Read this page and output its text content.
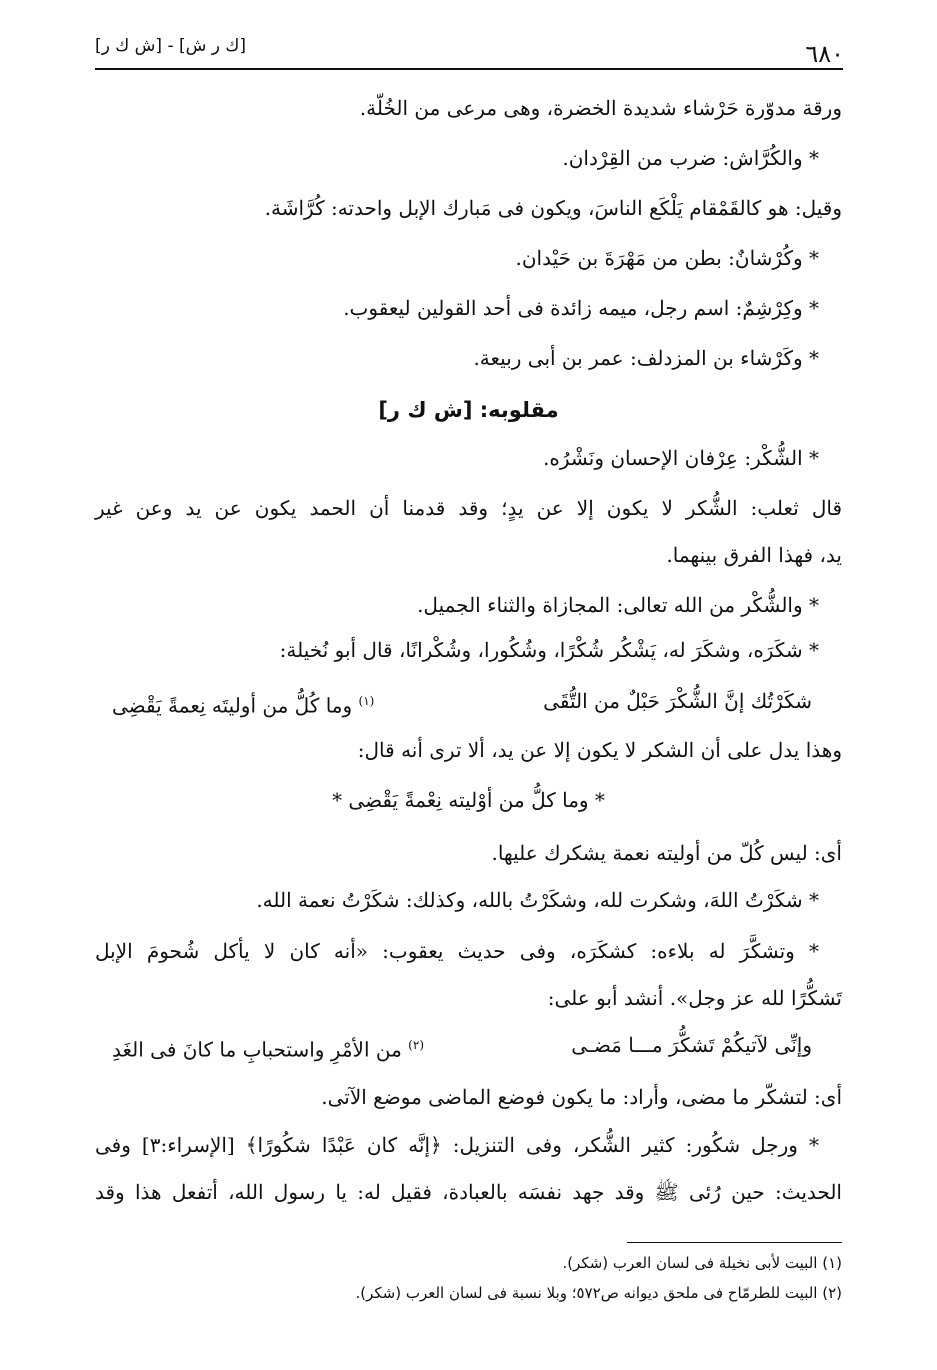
[ك ر ش] - [ش ك ر]	٦٨٠
ورقة مدوّرة حَرْشاء شديدة الخضرة، وهى مرعى من الخُلّة.
* والكُرَّاش: ضرب من القِرْدان.
وقيل: هو كالقَمْقام يَلْكَع الناسَ، ويكون فى مَبارك الإبل واحدته: كُرَّاشَة.
* وكُرْشانٌ: بطن من مَهْرَةَ بن حَيْدان.
* وكِرْشِمٌ: اسم رجل، ميمه زائدة فى أحد القولين ليعقوب.
* وكَرْشاء بن المزدلف: عمر بن أبى ربيعة.
مقلوبه: [ش ك ر]
* الشُّكْر: عِرْفان الإحسان ونَشْرُه.
قال ثعلب: الشُّكر لا يكون إلا عن يدٍ؛ وقد قدمنا أن الحمد يكون عن يد وعن غير
يد، فهذا الفرق بينهما.
* والشُّكْر من الله تعالى: المجازاة والثناء الجميل.
* شكَرَه، وشكَرَ له، يَشْكُر شُكْرًا، وشُكُورا، وشُكْرانًا، قال أبو نُخيلة:
شكَرْتُك إنَّ الشُّكْرَ حَبْلٌ من التُّقَى
$^{(١)}$ وما كُلُّ من أوليتَه نِعمةً يَقْضِى
وهذا يدل على أن الشكر لا يكون إلا عن يد، ألا ترى أنه قال:
* وما كلُّ من أوْليته نِعْمةً يَقْضِى *
أى: ليس كُلّ من أوليته نعمة يشكرك عليها.
* شكَرْتُ اللهَ، وشكرت لله، وشكَرْتُ بالله، وكذلك: شكَرْتُ نعمة الله.
* وتشكَّرَ له بلاءه: كشكَرَه، وفى حديث يعقوب: «أنه كان لا يأكل شُحومَ الإبل
تَشكُّرًا لله عز وجل». أنشد أبو على:
وإنِّى لآتيكُمْ تَشكُّرَ مـــا مَضـى
$^{(٢)}$ من الأمْرِ واستحبابِ ما كانَ فى الغَدِ
أى: لتشكّر ما مضى، وأراد: ما يكون فوضع الماضى موضع الآتى.
* ورجل شكُور: كثير الشُّكر، وفى التنزيل: ﴿إنَّه كان عَبْدًا شكُورًا﴾ [الإسراء:٣] وفى
الحديث: حين رُئى ﷺ وقد جهد نفسَه بالعبادة، فقيل له: يا رسول الله، أتفعل هذا وقد
(١) البيت لأبى نخيلة فى لسان العرب (شكر).
(٢) البيت للطرمّاح فى ملحق ديوانه ص٥٧٢؛ وبلا نسبة فى لسان العرب (شكر).
